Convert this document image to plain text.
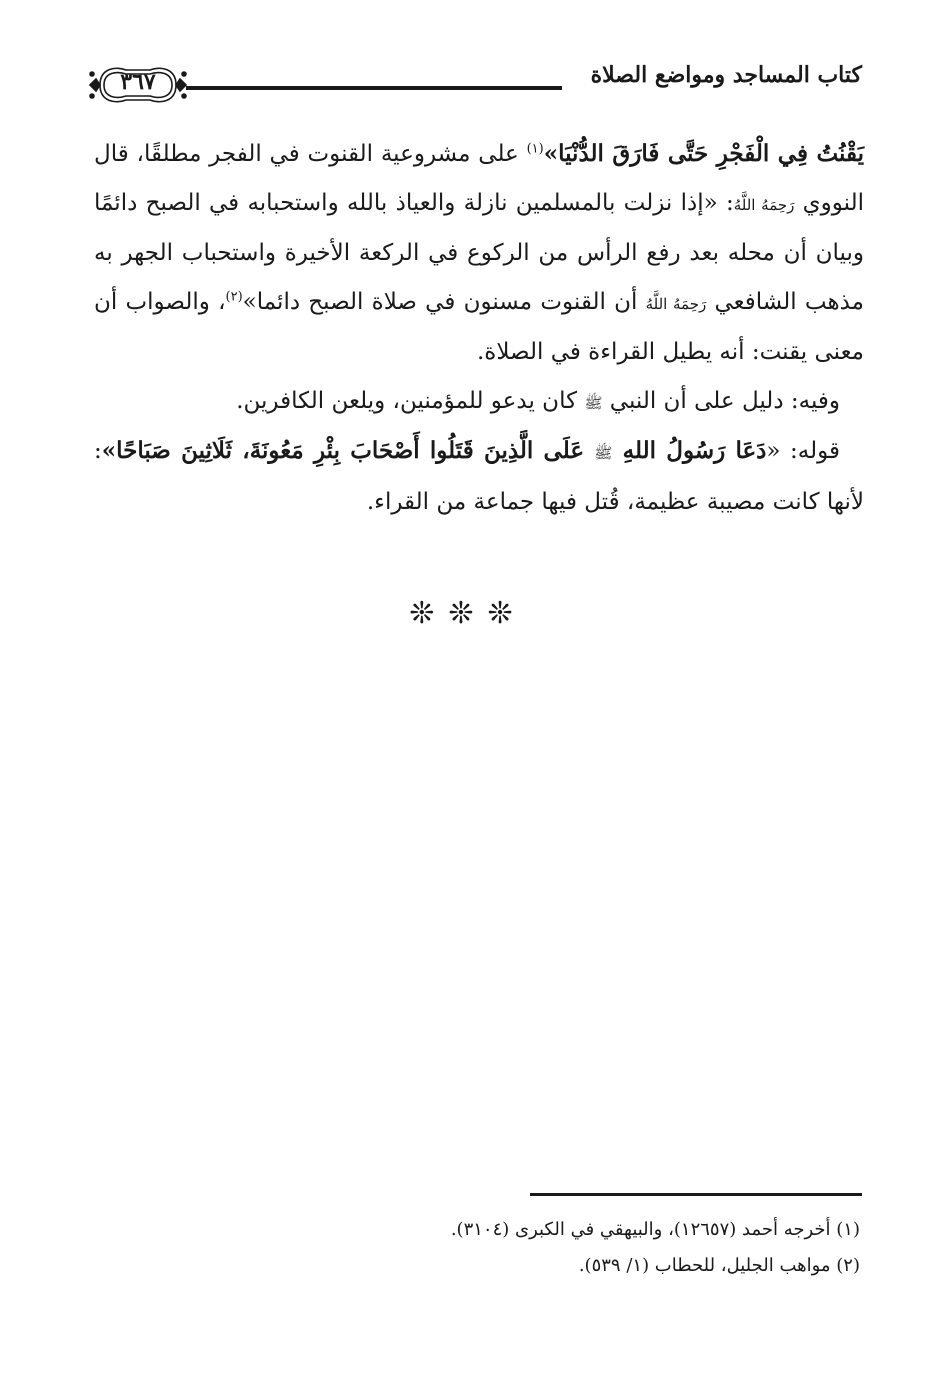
كتاب المساجد ومواضع الصلاة
٣٦٧

يَقْنُتُ فِي الْفَجْرِ حَتَّى فَارَقَ الدُّنْيَا»$^{(١)}$ على مشروعية القنوت في الفجر مطلقًا، قال النووي رَحِمَهُ اللَّهُ: «إذا نزلت بالمسلمين نازلة والعياذ بالله واستحبابه في الصبح دائمًا وبيان أن محله بعد رفع الرأس من الركوع في الركعة الأخيرة واستحباب الجهر به مذهب الشافعي رَحِمَهُ اللَّهُ أن القنوت مسنون في صلاة الصبح دائما»$^{(٢)}$، والصواب أن معنى يقنت: أنه يطيل القراءة في الصلاة.

وفيه: دليل على أن النبي ﷺ كان يدعو للمؤمنين، ويلعن الكافرين.

قوله: «دَعَا رَسُولُ اللهِ ﷺ عَلَى الَّذِينَ قَتَلُوا أَصْحَابَ بِئْرِ مَعُونَةَ، ثَلَاثِينَ صَبَاحًا»: لأنها كانت مصيبة عظيمة، قُتل فيها جماعة من القراء.

❊❊❊
(١) أخرجه أحمد (١٢٦٥٧)، والبيهقي في الكبرى (٣١٠٤).
(٢) مواهب الجليل، للحطاب (١/ ٥٣٩).
